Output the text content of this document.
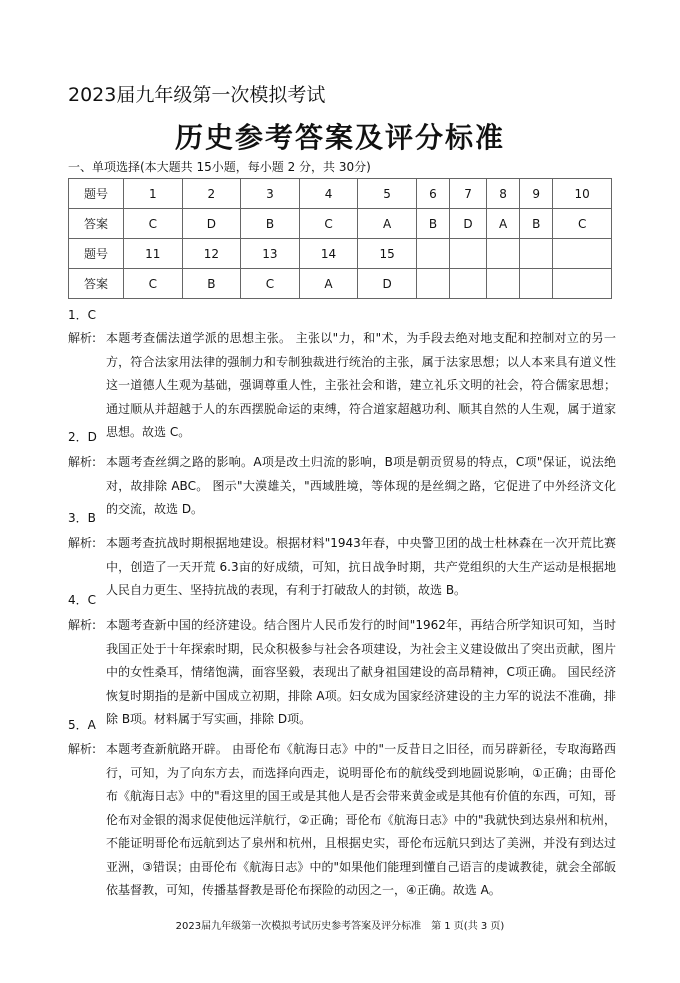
2023届九年级第一次模拟考试
历史参考答案及评分标准
一、单项选择(本大题共 15小题，每小题 2 分，共 30分)
题号	1	2	3	4	5	6	7	8	9	10
答案	C	D	B	C	A	B	D	A	B	C
题号	11	12	13	14	15					
答案	C	B	C	A	D					
1．C
解析: 本题考查儒法道学派的思想主张。 主张以"力，和"术，为手段去绝对地支配和控制对立的另一方，符合法家用法律的强制力和专制独裁进行统治的主张，属于法家思想；以人本来具有道义性这一道德人生观为基础，强调尊重人性，主张社会和谐，建立礼乐文明的社会，符合儒家思想；通过顺从并超越于人的东西摆脱命运的束缚，符合道家超越功利、顺其自然的人生观，属于道家思想。故选 C。
2．D
解析: 本题考查丝绸之路的影响。A项是改土归流的影响，B项是朝贡贸易的特点，C项"保证，说法绝对，故排除 ABC。 图示"大漠雄关，"西域胜境，等体现的是丝绸之路，它促进了中外经济文化的交流，故选 D。
3．B
解析: 本题考查抗战时期根据地建设。根据材料"1943年春，中央警卫团的战士杜林森在一次开荒比赛中，创造了一天开荒 6.3亩的好成绩，可知，抗日战争时期，共产党组织的大生产运动是根据地人民自力更生、坚持抗战的表现，有利于打破敌人的封锁，故选 B。
4．C
解析: 本题考查新中国的经济建设。结合图片人民币发行的时间"1962年，再结合所学知识可知，当时我国正处于十年探索时期，民众积极参与社会各项建设，为社会主义建设做出了突出贡献，图片中的女性桑耳，情绪饱满，面容坚毅，表现出了献身祖国建设的高昂精神，C项正确。 国民经济恢复时期指的是新中国成立初期，排除 A项。妇女成为国家经济建设的主力军的说法不准确，排除 B项。材料属于写实画，排除 D项。
5．A
解析: 本题考查新航路开辟。 由哥伦布《航海日志》中的"一反昔日之旧径，而另辟新径，专取海路西行，可知，为了向东方去，而选择向西走，说明哥伦布的航线受到地圆说影响，①正确；由哥伦布《航海日志》中的"看这里的国王或是其他人是否会带来黄金或是其他有价值的东西，可知，哥伦布对金银的渴求促使他远洋航行，②正确；哥伦布《航海日志》中的"我就快到达泉州和杭州，不能证明哥伦布远航到达了泉州和杭州，且根据史实，哥伦布远航只到达了美洲，并没有到达过亚洲，③错误；由哥伦布《航海日志》中的"如果他们能理到懂自己语言的虔诚教徒，就会全部皈依基督教，可知，传播基督教是哥伦布探险的动因之一，④正确。故选 A。
2023届九年级第一次模拟考试历史参考答案及评分标准　第 1 页(共 3 页)
